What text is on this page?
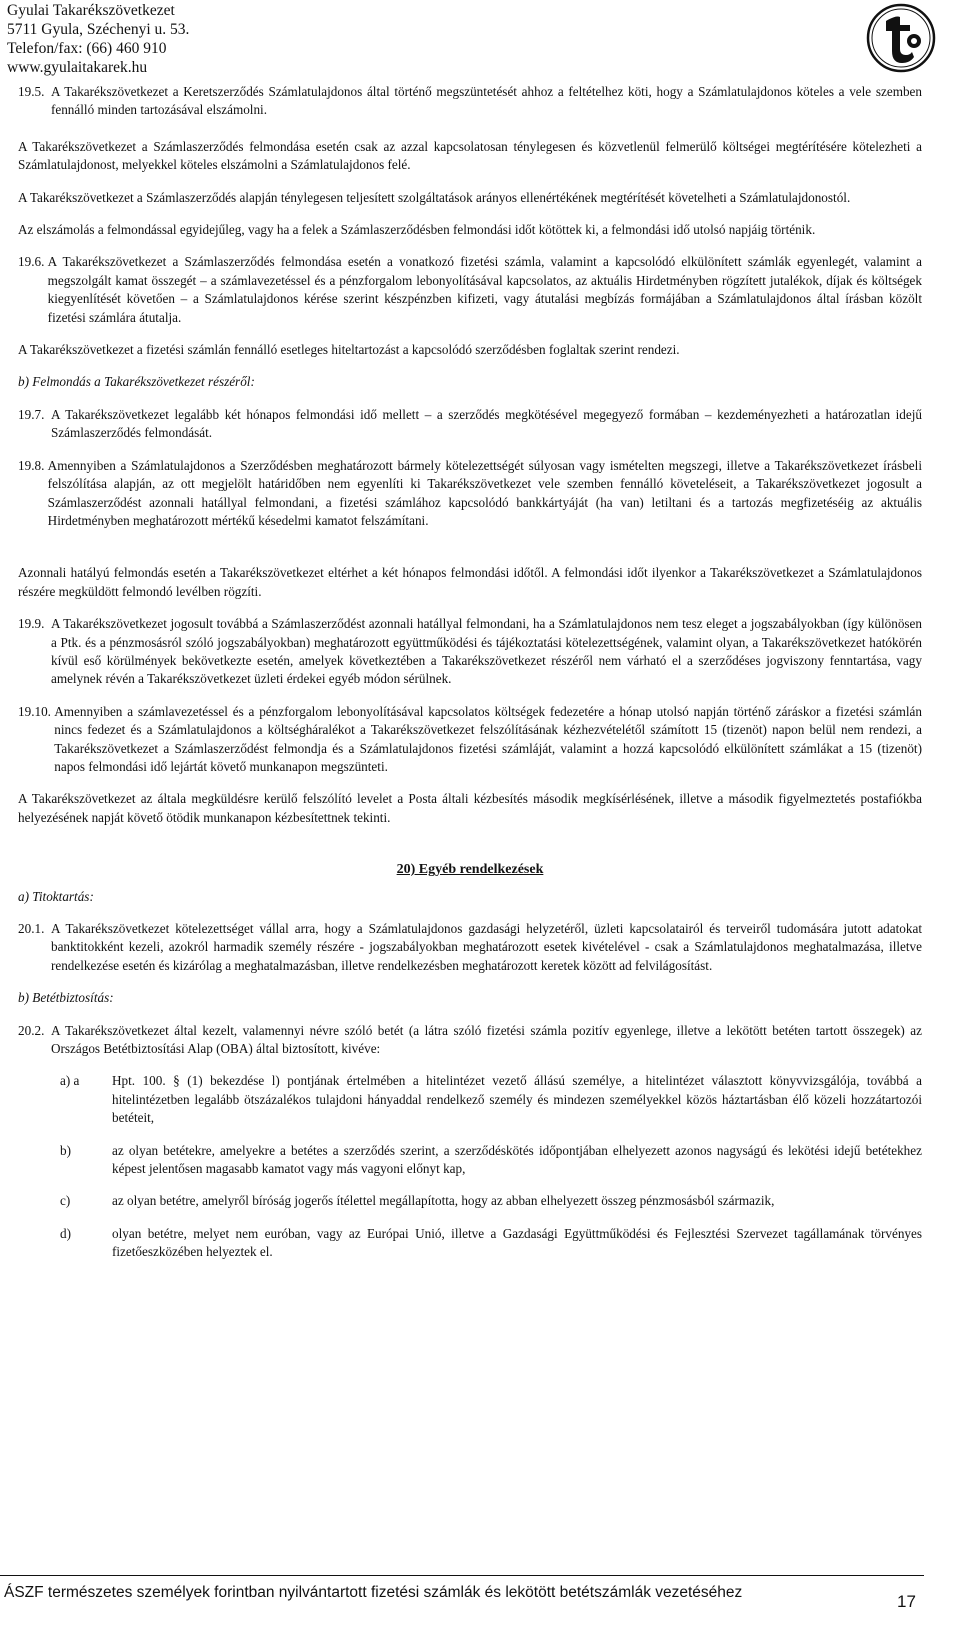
Gyulai Takarékszövetkezet
5711 Gyula, Széchenyi u. 53.
Telefon/fax: (66) 460 910
www.gyulaitakarek.hu
t
19.5. A Takarékszövetkezet a Keretszerződés Számlatulajdonos által történő megszüntetését ahhoz a feltételhez köti, hogy a Számlatulajdonos köteles a vele szemben fennálló minden tartozásával elszámolni.

A Takarékszövetkezet a Számlaszerződés felmondása esetén csak az azzal kapcsolatosan ténylegesen és közvetlenül felmerülő költségei megtérítésére kötelezheti a Számlatulajdonost, melyekkel köteles elszámolni a Számlatulajdonos felé.

A Takarékszövetkezet a Számlaszerződés alapján ténylegesen teljesített szolgáltatások arányos ellenértékének megtérítését követelheti a Számlatulajdonostól.

Az elszámolás a felmondással egyidejűleg, vagy ha a felek a Számlaszerződésben felmondási időt kötöttek ki, a felmondási idő utolsó napjáig történik.

19.6. A Takarékszövetkezet a Számlaszerződés felmondása esetén a vonatkozó fizetési számla, valamint a kapcsolódó elkülönített számlák egyenlegét, valamint a megszolgált kamat összegét – a számlavezetéssel és a pénzforgalom lebonyolításával kapcsolatos, az aktuális Hirdetményben rögzített jutalékok, díjak és költségek kiegyenlítését követően – a Számlatulajdonos kérése szerint készpénzben kifizeti, vagy átutalási megbízás formájában a Számlatulajdonos által írásban közölt fizetési számlára átutalja.

A Takarékszövetkezet a fizetési számlán fennálló esetleges hiteltartozást a kapcsolódó szerződésben foglaltak szerint rendezi.

b) Felmondás a Takarékszövetkezet részéről:

19.7. A Takarékszövetkezet legalább két hónapos felmondási idő mellett – a szerződés megkötésével megegyező formában – kezdeményezheti a határozatlan idejű Számlaszerződés felmondását.
19.8. Amennyiben a Számlatulajdonos a Szerződésben meghatározott bármely kötelezettségét súlyosan vagy ismételten megszegi, illetve a Takarékszövetkezet írásbeli felszólítása alapján, az ott megjelölt határidőben nem egyenlíti ki Takarékszövetkezet vele szemben fennálló követeléseit, a Takarékszövetkezet jogosult a Számlaszerződést azonnali hatállyal felmondani, a fizetési számlához kapcsolódó bankkártyáját (ha van) letiltani és a tartozás megfizetéséig az aktuális Hirdetményben meghatározott mértékű késedelmi kamatot felszámítani.

Azonnali hatályú felmondás esetén a Takarékszövetkezet eltérhet a két hónapos felmondási időtől. A felmondási időt ilyenkor a Takarékszövetkezet a Számlatulajdonos részére megküldött felmondó levélben rögzíti.

19.9. A Takarékszövetkezet jogosult továbbá a Számlaszerződést azonnali hatállyal felmondani, ha a Számlatulajdonos nem tesz eleget a jogszabályokban (így különösen a Ptk. és a pénzmosásról szóló jogszabályokban) meghatározott együttműködési és tájékoztatási kötelezettségének, valamint olyan, a Takarékszövetkezet hatókörén kívül eső körülmények bekövetkezte esetén, amelyek következtében a Takarékszövetkezet részéről nem várható el a szerződéses jogviszony fenntartása, vagy amelynek révén a Takarékszövetkezet üzleti érdekei egyéb módon sérülnek.
19.10. Amennyiben a számlavezetéssel és a pénzforgalom lebonyolításával kapcsolatos költségek fedezetére a hónap utolsó napján történő záráskor a fizetési számlán nincs fedezet és a Számlatulajdonos a költségháralékot a Takarékszövetkezet felszólításának kézhezvételétől számított 15 (tizenöt) napon belül nem rendezi, a Takarékszövetkezet a Számlaszerződést felmondja és a Számlatulajdonos fizetési számláját, valamint a hozzá kapcsolódó elkülönített számlákat a 15 (tizenöt) napos felmondási idő lejártát követő munkanapon megszünteti.

A Takarékszövetkezet az általa megküldésre kerülő felszólító levelet a Posta általi kézbesítés második megkísérlésének, illetve a második figyelmeztetés postafiókba helyezésének napját követő ötödik munkanapon kézbesítettnek tekinti.

20) Egyéb rendelkezések

a) Titoktartás:

20.1. A Takarékszövetkezet kötelezettséget vállal arra, hogy a Számlatulajdonos gazdasági helyzetéről, üzleti kapcsolatairól és terveiről tudomására jutott adatokat banktitokként kezeli, azokról harmadik személy részére - jogszabályokban meghatározott esetek kivételével - csak a Számlatulajdonos meghatalmazása, illetve rendelkezése esetén és kizárólag a meghatalmazásban, illetve rendelkezésben meghatározott keretek között ad felvilágosítást.

b) Betétbiztosítás:

20.2. A Takarékszövetkezet által kezelt, valamennyi névre szóló betét (a látra szóló fizetési számla pozitív egyenlege, illetve a lekötött betéten tartott összegek) az Országos Betétbiztosítási Alap (OBA) által biztosított, kivéve:
a) a	Hpt. 100. § (1) bekezdése l) pontjának értelmében a hitelintézet vezető állású személye, a hitelintézet választott könyvvizsgálója, továbbá a hitelintézetben legalább ötszázalékos tulajdoni hányaddal rendelkező személy és mindezen személyekkel közös háztartásban élő közeli hozzátartozói betéteit,
b)	az olyan betétekre, amelyekre a betétes a szerződés szerint, a szerződéskötés időpontjában elhelyezett azonos nagyságú és lekötési idejű betétekhez képest jelentősen magasabb kamatot vagy más vagyoni előnyt kap,
c)	az olyan betétre, amelyről bíróság jogerős ítélettel megállapította, hogy az abban elhelyezett összeg pénzmosásból származik,
d)	olyan betétre, melyet nem euróban, vagy az Európai Unió, illetve a Gazdasági Együttműködési és Fejlesztési Szervezet tagállamának törvényes fizetőeszközében helyeztek el.
ÁSZF természetes személyek forintban nyilvántartott fizetési számlák és lekötött betétszámlák vezetéséhez	17
